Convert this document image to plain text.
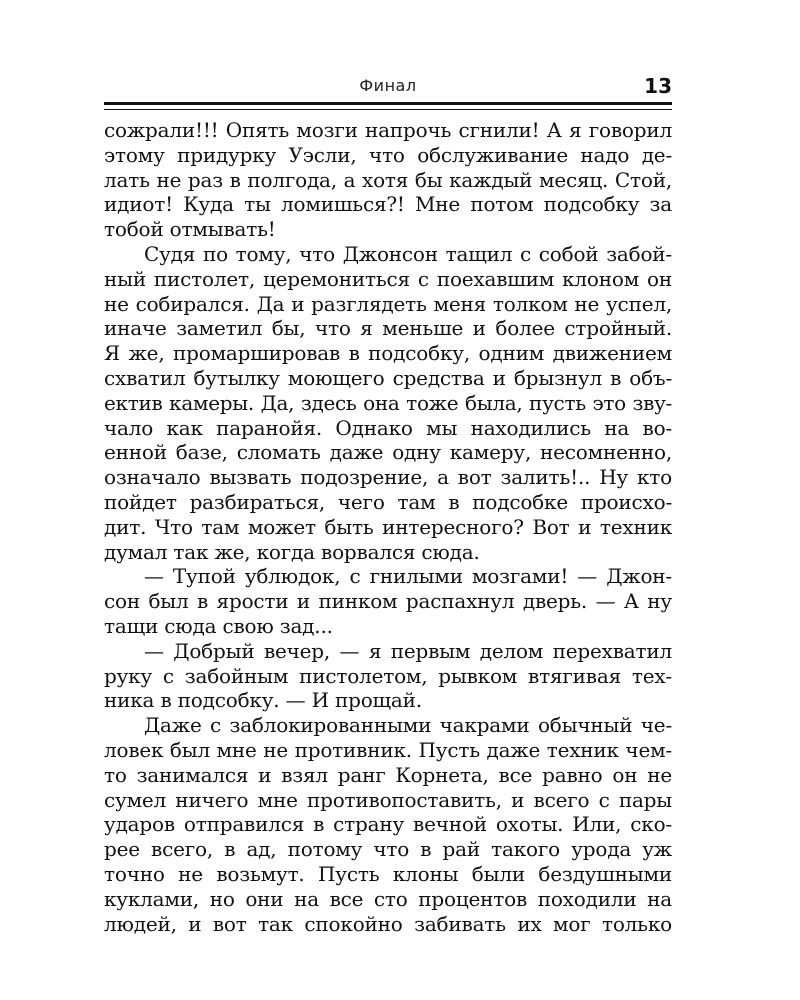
Финал	13
сожрали!!! Опять мозги напрочь сгнили! А я говорил
этому придурку Уэсли, что обслуживание надо де-
лать не раз в полгода, а хотя бы каждый месяц. Стой,
идиот! Куда ты ломишься?! Мне потом подсобку за
тобой отмывать!
Судя по тому, что Джонсон тащил с собой забой-
ный пистолет, церемониться с поехавшим клоном он
не собирался. Да и разглядеть меня толком не успел,
иначе заметил бы, что я меньше и более стройный.
Я же, промаршировав в подсобку, одним движением
схватил бутылку моющего средства и брызнул в объ-
ектив камеры. Да, здесь она тоже была, пусть это зву-
чало как паранойя. Однако мы находились на во-
енной базе, сломать даже одну камеру, несомненно,
означало вызвать подозрение, а вот залить!.. Ну кто
пойдет разбираться, чего там в подсобке происхо-
дит. Что там может быть интересного? Вот и техник
думал так же, когда ворвался сюда.
— Тупой ублюдок, с гнилыми мозгами! — Джон-
сон был в ярости и пинком распахнул дверь. — А ну
тащи сюда свою зад...
— Добрый вечер, — я первым делом перехватил
руку с забойным пистолетом, рывком втягивая тех-
ника в подсобку. — И прощай.
Даже с заблокированными чакрами обычный че-
ловек был мне не противник. Пусть даже техник чем-
то занимался и взял ранг Корнета, все равно он не
сумел ничего мне противопоставить, и всего с пары
ударов отправился в страну вечной охоты. Или, ско-
рее всего, в ад, потому что в рай такого урода уж
точно не возьмут. Пусть клоны были бездушными
куклами, но они на все сто процентов походили на
людей, и вот так спокойно забивать их мог только
